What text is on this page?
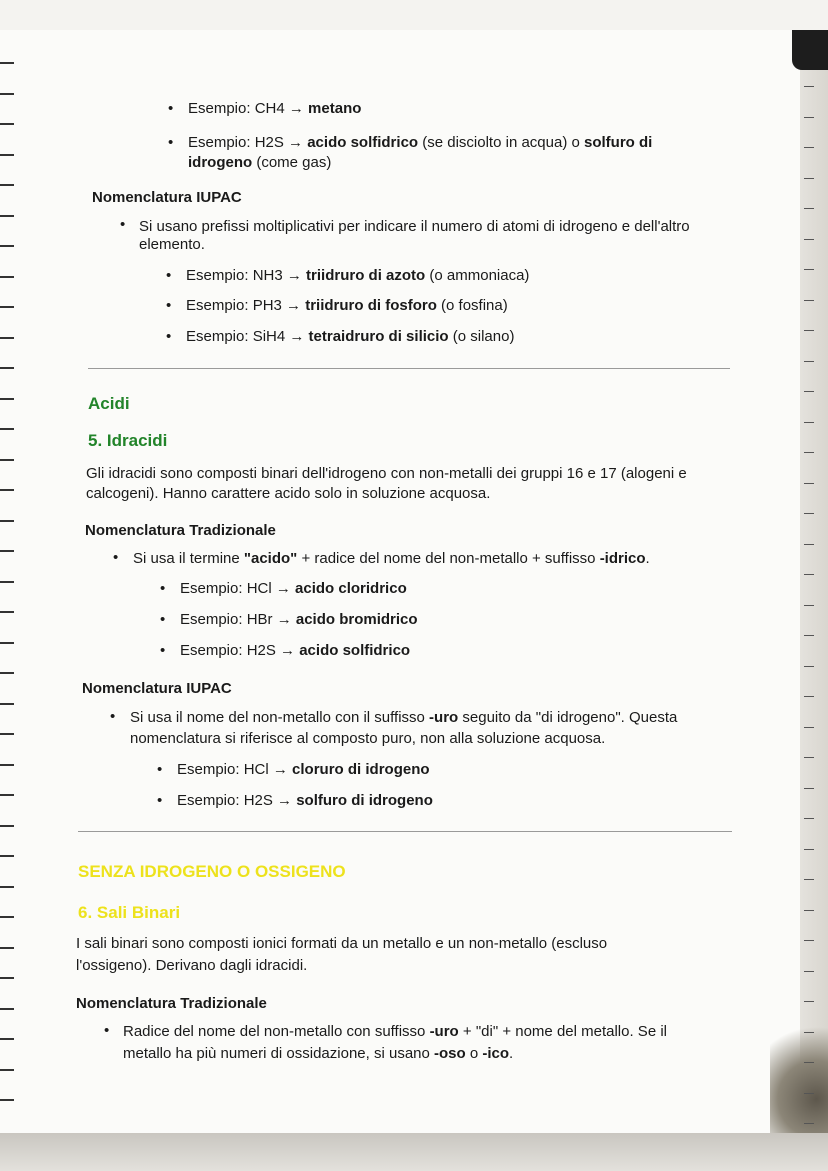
• Esempio: CH4 → metano
• Esempio: H2S → acido solfidrico (se disciolto in acqua) o solfuro di
idrogeno (come gas)
Nomenclatura IUPAC
• Si usano prefissi moltiplicativi per indicare il numero di atomi di idrogeno e dell'altro
elemento.
• Esempio: NH3 → triidruro di azoto (o ammoniaca)
• Esempio: PH3 → triidruro di fosforo (o fosfina)
• Esempio: SiH4 → tetraidruro di silicio (o silano)
Acidi
5. Idracidi
Gli idracidi sono composti binari dell'idrogeno con non-metalli dei gruppi 16 e 17 (alogeni e
calcogeni). Hanno carattere acido solo in soluzione acquosa.
Nomenclatura Tradizionale
• Si usa il termine "acido" + radice del nome del non-metallo + suffisso -idrico.
• Esempio: HCl → acido cloridrico
• Esempio: HBr → acido bromidrico
• Esempio: H2S → acido solfidrico
Nomenclatura IUPAC
• Si usa il nome del non-metallo con il suffisso -uro seguito da "di idrogeno". Questa
nomenclatura si riferisce al composto puro, non alla soluzione acquosa.
• Esempio: HCl → cloruro di idrogeno
• Esempio: H2S → solfuro di idrogeno
SENZA IDROGENO O OSSIGENO
6. Sali Binari
I sali binari sono composti ionici formati da un metallo e un non-metallo (escluso
l'ossigeno). Derivano dagli idracidi.
Nomenclatura Tradizionale
• Radice del nome del non-metallo con suffisso -uro + "di" + nome del metallo. Se il
metallo ha più numeri di ossidazione, si usano -oso o -ico.
